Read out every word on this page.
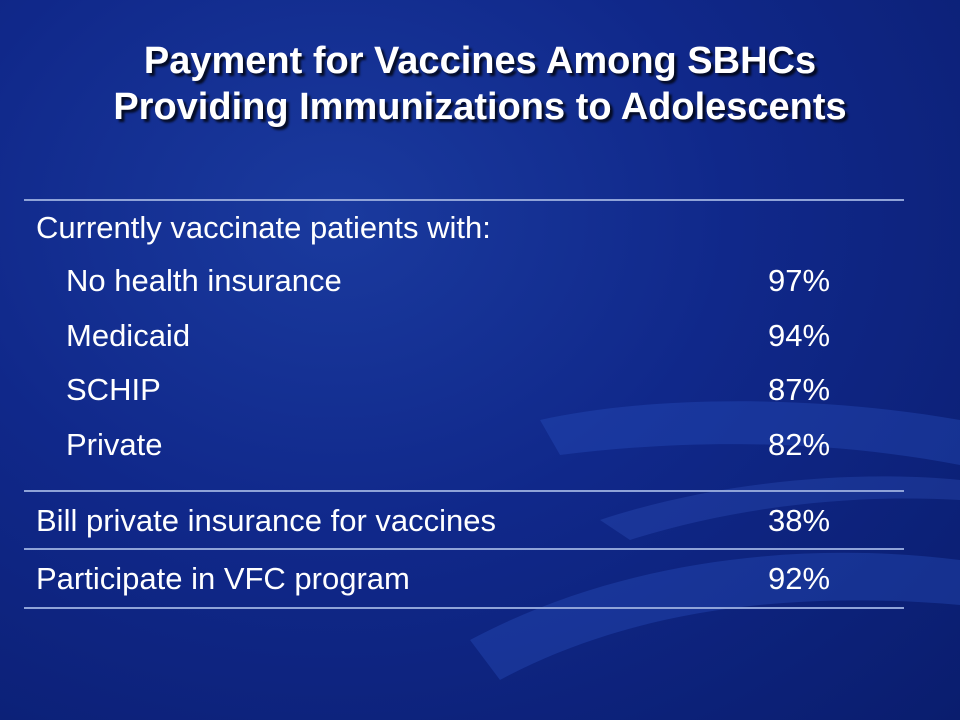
Payment for Vaccines Among SBHCs
Providing Immunizations to Adolescents
Currently vaccinate patients with:
No health insurance	97%
Medicaid	94%
SCHIP	87%
Private	82%
Bill private insurance for vaccines	38%
Participate in VFC program	92%
